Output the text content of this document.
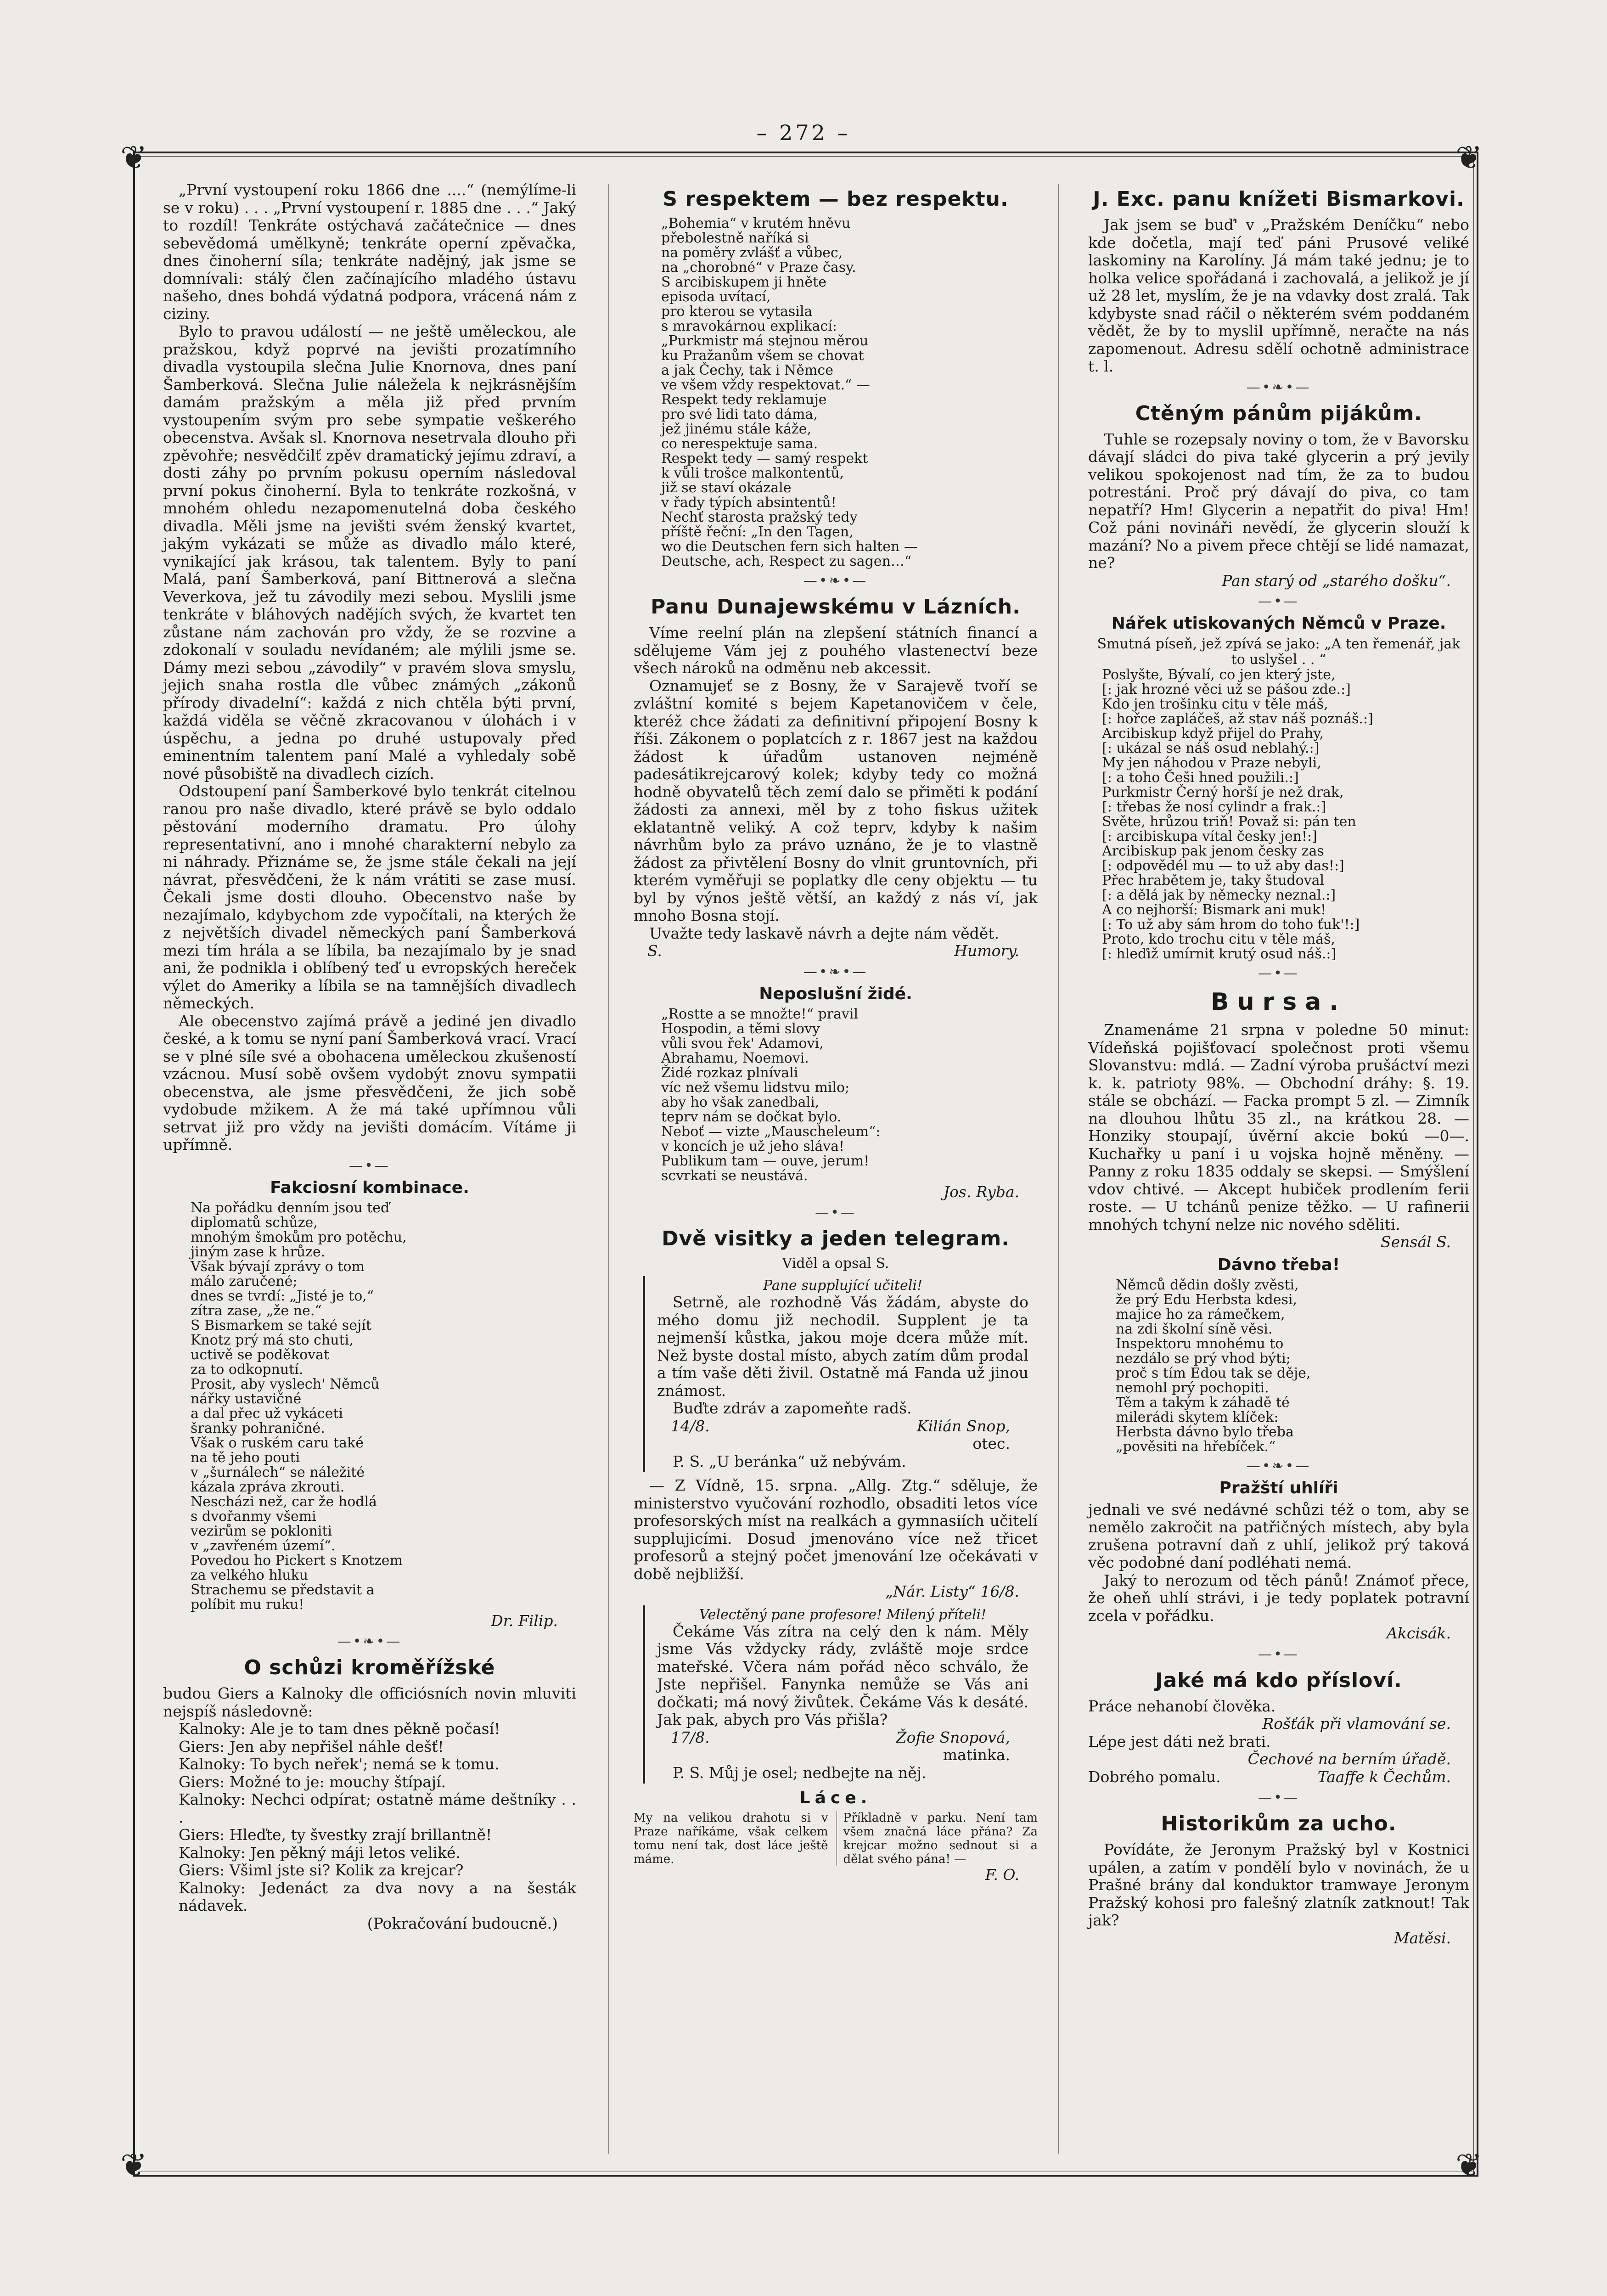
– 272 –
❦	❦
❦	❦

„První vystoupení roku 1866 dne ....“ (nemýlíme-li se v roku) . . . „První vystoupení r. 1885 dne . . .“ Jaký to rozdíl! Tenkráte ostýchavá začátečnice — dnes sebevědomá umělkyně; tenkráte operní zpěvačka, dnes činoherní síla; tenkráte nadějný, jak jsme se domnívali: stálý člen začínajícího mladého ústavu našeho, dnes bohdá výdatná podpora, vrácená nám z ciziny.

Bylo to pravou událostí — ne ještě uměleckou, ale pražskou, když poprvé na jevišti prozatímního divadla vystoupila slečna Julie Knornova, dnes paní Šamberková. Slečna Julie náležela k nejkrásnějším damám pražským a měla již před prvním vystoupením svým pro sebe sympatie veškerého obecenstva. Avšak sl. Knornova nesetrvala dlouho při zpěvohře; nesvědčilť zpěv dramatický jejímu zdraví, a dosti záhy po prvním pokusu operním následoval první pokus činoherní. Byla to tenkráte rozkošná, v mnohém ohledu nezapomenutelná doba českého divadla. Měli jsme na jevišti svém ženský kvartet, jakým vykázati se může as divadlo málo které, vynikající jak krásou, tak talentem. Byly to paní Malá, paní Šamberková, paní Bittnerová a slečna Veverkova, jež tu závodily mezi sebou. Myslili jsme tenkráte v bláhových nadějích svých, že kvartet ten zůstane nám zachován pro vždy, že se rozvine a zdokonalí v souladu nevídaném; ale mýlili jsme se. Dámy mezi sebou „závodily“ v pravém slova smyslu, jejich snaha rostla dle vůbec známých „zákonů přírody divadelní“: každá z nich chtěla býti první, každá viděla se věčně zkracovanou v úlohách i v úspěchu, a jedna po druhé ustupovaly před eminentním talentem paní Malé a vyhledaly sobě nové působiště na divadlech cizích.

Odstoupení paní Šamberkové bylo tenkrát citelnou ranou pro naše divadlo, které právě se bylo oddalo pěstování moderního dramatu. Pro úlohy representativní, ano i mnohé charakterní nebylo za ni náhrady. Přiznáme se, že jsme stále čekali na její návrat, přesvědčeni, že k nám vrátiti se zase musí. Čekali jsme dosti dlouho. Obecenstvo naše by nezajímalo, kdybychom zde vypočítali, na kterých že z největších divadel německých paní Šamberková mezi tím hrála a se líbila, ba nezajímalo by je snad ani, že podnikla i oblíbený teď u evropských hereček výlet do Ameriky a líbila se na tamnějších divadlech německých.

Ale obecenstvo zajímá právě a jediné jen divadlo české, a k tomu se nyní paní Šamberková vrací. Vrací se v plné síle své a obohacena uměleckou zkušeností vzácnou. Musí sobě ovšem vydobýt znovu sympatii obecenstva, ale jsme přesvědčeni, že jich sobě vydobude mžikem. A že má také upřímnou vůli setrvat již pro vždy na jevišti domácím. Vítáme ji upřímně.

—•—
Fakciosní kombinace.
Na pořádku denním jsou teď
diplomatů schůze,
mnohým šmokům pro potěchu,
jiným zase k hrůze.
Však bývají zprávy o tom
málo zaručené;
dnes se tvrdí: „Jisté je to,“
zítra zase, „že ne.“
S Bismarkem se také sejít
Knotz prý má sto chuti,
uctivě se poděkovat
za to odkopnutí.
Prosit, aby vyslech' Němců
nářky ustavičné
a dal přec už vykáceti
šranky pohraničné.
Však o ruském caru také
na tě jeho pouti
v „šurnálech“ se náležité
kázala zpráva zkrouti.
Nescházi než, car že hodlá
s dvořanmy všemi
vezirům se pokloniti
v „zavřeném území“.
Povedou ho Pickert s Knotzem
za velkého hluku
Strachemu se představit a
políbit mu ruku!
Dr. Filip.
—•❧•—
O schůzi kroměřížské

budou Giers a Kalnoky dle officiósních novin mluviti nejspíš následovně:

Kalnoky: Ale je to tam dnes pěkně počasí!

Giers: Jen aby nepřišel náhle dešť!

Kalnoky: To bych neřek'; nemá se k tomu.

Giers: Možné to je: mouchy štípají.

Kalnoky: Nechci odpírat; ostatně máme deštníky . . .

Giers: Hleďte, ty švestky zrají brillantně!

Kalnoky: Jen pěkný máji letos veliké.

Giers: Všiml jste si? Kolik za krejcar?

Kalnoky: Jedenáct za dva novy a na šesták nádavek.

(Pokračování budoucně.)
S respektem — bez respektu.
„Bohemia“ v krutém hněvu
přebolestně naříká si
na poměry zvlášť a vůbec,
na „chorobné“ v Praze časy.
S arcibiskupem ji hněte
episoda uvítací,
pro kterou se vytasila
s mravokárnou explikací:
„Purkmistr má stejnou měrou
ku Pražanům všem se chovat
a jak Čechy, tak i Němce
ve všem vždy respektovat.“ —
Respekt tedy reklamuje
pro své lidi tato dáma,
jež jinému stále káže,
co nerespektuje sama.
Respekt tedy — samý respekt
k vůli trošce malkontentů,
již se staví okázale
v řady týpích absintentů!
Nechť starosta pražský tedy
příště řeční: „In den Tagen,
wo die Deutschen fern sich halten —
Deutsche, ach, Respect zu sagen…“
—•❧•—
Panu Dunajewskému v Lázních.

Víme reelní plán na zlepšení státních financí a sdělujeme Vám jej z pouhého vlastenectví beze všech nároků na odměnu neb akcessit.

Oznamujeť se z Bosny, že v Sarajevě tvoří se zvláštní komité s bejem Kapetanovičem v čele, kteréž chce žádati za definitivní připojení Bosny k říši. Zákonem o poplatcích z r. 1867 jest na každou žádost k úřadům ustanoven nejméně padesátikrejcarový kolek; kdyby tedy co možná hodně obyvatelů těch zemí dalo se přiměti k podání žádosti za annexi, měl by z toho fiskus užitek eklatantně veliký. A což teprv, kdyby k našim návrhům bylo za právo uznáno, že je to vlastně žádost za přivtělení Bosny do vlnit gruntovních, při kterém vyměřuji se poplatky dle ceny objektu — tu byl by výnos ještě větší, an každý z nás ví, jak mnoho Bosna stojí.

Uvažte tedy laskavě návrh a dejte nám vědět.

S.	Humory.
—•❧•—
Neposlušní židé.
„Rostte a se množte!“ pravil
Hospodin, a těmi slovy
vůli svou řek' Adamovi,
Abrahamu, Noemovi.
Židé rozkaz plnívali
víc než všemu lidstvu milo;
aby ho však zanedbali,
teprv nám se dočkat bylo.
Neboť — vizte „Mauscheleum“:
v koncích je už jeho sláva!
Publikum tam — ouve, jerum!
scvrkati se neustává.
Jos. Ryba.
—•—
Dvě visitky a jeden telegram.
Viděl a opsal S.
Pane supplující učiteli!

Setrně, ale rozhodně Vás žádám, abyste do mého domu již nechodil. Supplent je ta nejmenší kůstka, jakou moje dcera může mít. Než byste dostal místo, abych zatím dům prodal a tím vaše děti živil. Ostatně má Fanda už jinou známost.

Buďte zdráv a zapomeňte radš.

14/8.	Kilián Snop,
otec.

P. S. „U beránka“ už nebývám.

— Z Vídně, 15. srpna. „Allg. Ztg.“ sděluje, že ministerstvo vyučování rozhodlo, obsaditi letos více profesorských míst na realkách a gymnasiích učitelí supplujicími. Dosud jmenováno více než třicet profesorů a stejný počet jmenování lze očekávati v době nejbližší.

„Nár. Listy“ 16/8.
Velectěný pane profesore! Milený příteli!

Čekáme Vás zítra na celý den k nám. Měly jsme Vás vždycky rády, zvláště moje srdce mateřské. Včera nám pořád něco schválo, že Jste nepřišel. Fanynka nemůže se Vás ani dočkati; má nový živůtek. Čekáme Vás k desáté. Jak pak, abych pro Vás přišla?

17/8.	Žofie Snopová,
matinka.

P. S. Můj je osel; nedbejte na něj.

Láce.
My na velikou drahotu si v Praze naříkáme, však celkem tomu není tak, dost láce ještě máme.
Příkladně v parku. Není tam všem značná láce přána? Za krejcar možno sednout si a dělat svého pána! —
F. O.
J. Exc. panu knížeti Bismarkovi.

Jak jsem se buď' v „Pražském Deníčku“ nebo kde dočetla, mají teď páni Prusové veliké laskominy na Karolíny. Já mám také jednu; je to holka velice spořádaná i zachovalá, a jelikož je jí už 28 let, myslím, že je na vdavky dost zralá. Tak kdybyste snad ráčil o některém svém poddaném vědět, že by to myslil upřímně, neračte na nás zapomenout. Adresu sdělí ochotně administrace t. l.

—•❧•—
Ctěným pánům pijákům.

Tuhle se rozepsaly noviny o tom, že v Bavorsku dávají sládci do piva také glycerin a prý jevily velikou spokojenost nad tím, že za to budou potrestáni. Proč prý dávají do piva, co tam nepatří? Hm! Glycerin a nepatřit do piva! Hm! Což páni novináři nevědí, že glycerin slouží k mazání? No a pivem přece chtějí se lidé namazat, ne?

Pan starý od „starého došku“.
—•—
Nářek utiskovaných Němců v Praze.
Smutná píseň, jež zpívá se jako: „A ten řemenář, jak to uslyšel . . “
Poslyšte, Bývalí, co jen který jste,
[: jak hrozné věci už se pášou zde.:]
Kdo jen trošinku citu v těle máš,
[: hořce zapláčeš, až stav náš poznáš.:]
Arcibiskup když přijel do Prahy,
[: ukázal se náš osud neblahý.:]
My jen náhodou v Praze nebyli,
[: a toho Češi hned použili.:]
Purkmistr Černý horší je než drak,
[: třebas že nosí cylindr a frak.:]
Světe, hrůzou triň! Považ si: pán ten
[: arcibiskupa vítal česky jen!:]
Arcibiskup pak jenom česky zas
[: odpovědél mu — to už aby das!:]
Přec hrabětem je, taky študoval
[: a dělá jak by německy neznal.:]
A co nejhorší: Bismark ani muk!
[: To už aby sám hrom do toho ťuk'!:]
Proto, kdo trochu citu v těle máš,
[: hleďiž umírnit krutý osud náš.:]
—•—
Bursa.

Znamenáme 21 srpna v poledne 50 minut: Vídeňská pojišťovací společnost proti všemu Slovanstvu: mdlá. — Zadní výroba prušáctví mezi k. k. patrioty 98%. — Obchodní dráhy: §. 19. stále se obchází. — Facka prompt 5 zl. — Zimník na dlouhou lhůtu 35 zl., na krátkou 28. — Honziky stoupají, úvěrní akcie bokú —0—. Kuchařky u paní i u vojska hojně měněny. — Panny z roku 1835 oddaly se skepsi. — Smýšlení vdov chtivé. — Akcept hubiček prodlením ferii roste. — U tchánů penize těžko. — U rafinerii mnohých tchyní nelze nic nového sděliti.

Sensál S.
Dávno třeba!
Němců dědin došly zvěsti,
že prý Edu Herbsta kdesi,
majice ho za rámečkem,
na zdi školní síně věsi.
Inspektoru mnohému to
nezdálo se prý vhod býti;
proč s tím Edou tak se děje,
nemohl prý pochopiti.
Těm a takým k záhadě té
milerádi skytem klíček:
Herbsta dávno bylo třeba
„pověsiti na hřebíček.“
—•❧•—
Pražští uhlíři

jednali ve své nedávné schůzi též o tom, aby se nemělo zakročit na patřičných místech, aby byla zrušena potravní daň z uhlí, jelikož prý taková věc podobné daní podléhati nemá.

Jaký to nerozum od těch pánů! Známoť přece, že oheň uhlí strávi, i je tedy poplatek potravní zcela v pořádku.

Akcisák.
—•—
Jaké má kdo přísloví.
Práce nehanobí člověka.
Rošťák při vlamování se.
Lépe jest dáti než brati.
Čechové na berním úřadě.
Dobrého pomalu.	Taaffe k Čechům.
—•—
Historikům za ucho.

Povídáte, že Jeronym Pražský byl v Kostnici upálen, a zatím v pondělí bylo v novinách, že u Prašné brány dal konduktor tramwaye Jeronym Pražský kohosi pro falešný zlatník zatknout! Tak jak?

Matěsi.
